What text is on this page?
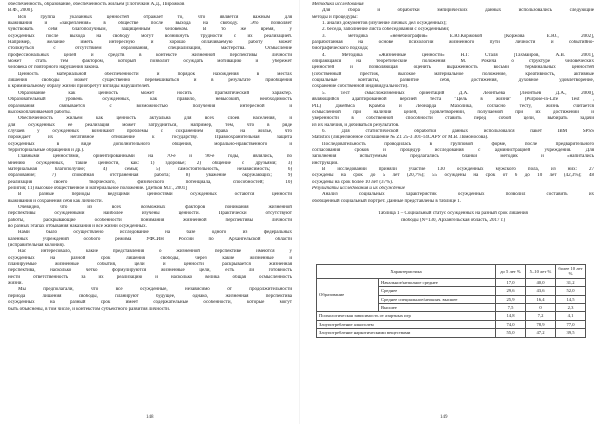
обеспеченность, образование, обеспеченность жильем [Глоточкин А.Д., Пирожков
В.Ф., 2000].
Вся группа указанных ценностей отражает то, что является важным для
выживания и «закрепления» в обществе после выхода на свободу. Это позволяет
чувствовать себя благополучным, защищенным человеком. В то же время, у
осужденных после выхода на свободу могут возникнуть трудности с их реализацией.
Например, желание иметь интересную и хорошо оплачиваемую работу может
столкнуться с отсутствием образования, специализации, мастерства. Осмысление
профессиональных целей и средств в контексте жизненной перспективы личности
может стать тем фактором, который позволит осуждать мотивацию и убережёт
человека от повторного нарушения закона.
Ценность материальной обеспеченности и порядок нахождения в местах
лишения свободы может существенно перевешиваться и в результате приобщения
к криминальному образу жизни приобретут взгляды нарушителей.
Образование как ценность может носить прагматический характер.
Образовательный уровень осужденных, как правило, невысокий, необходимость
образования связывается с возможностью получения интересной и
высокооплачиваемой работы.
Обеспеченность жильем как ценность актуальна для всех слоёв населения, и
для осужденных её реализация может затрудниться, например, тем, что в ряде
случаев у осужденных возникают проблемы с сохранением права на жильё, что
порождает их негативное отношение к государству. Правоохранительная защита
осужденных в виде дополнительного общения, морально-нравственного и
территориальные обращения и др.).
Главными ценностями, ориентированными на 70-е и 90-е годы, являлись, по
мнению осужденных, такие ценности, как: 1) здоровье; 2) общение с друзьями; 3)
материальная благополучие; 4) семья; 5) самостоятельность, независимость; 6)
образование; 7) спокойная отстраненная работа; 8) уважение окружающих; 9)
реализация своего творческого, физического потенциала, способностей; 10)
религия; 11) высокое общественное и материальное положение. [Детков М.Г., 2001]
В разные периоды ведущими ценностями осужденных остаются ценности
выживания и сохранения себя как личности.
Очевидно, что из всех возможных факторов понимания жизненной
перспективы осужденными наиболее изучены ценности. Практически отсутствуют
работы, раскрывающие особенности понимания жизненной перспективы личности
во разных этапах отбывания наказания и все жизни осужденных.
Нами было осуществлено исследование на базе одного из федеральных
казенных учреждений особого режима УФСИН России по Архангельской области
(исправительная колония).
Нас интересовало, какие представления о жизненной перспективе имеются у
осужденных на разной срок лишения свободы, через какие жизненные и
планируемые жизненные события, цели и ценности раскрывается жизненная
перспектива, насколько чётко формулируются жизненные цели, есть ли готовность
нести ответственность за их реализацию и насколько велика общая осмысленность
жизни.
Мы предполагали, что все осужденные, независимо от продолжительности
периода лишения свободы, планируют будущее, однако, жизненная перспектива
осужденных на разный срок имеет содержательные особенности, которые могут
быть объяснены, в том числе, и контекстом субъектного развития личности.
148
Методика исследования
Для сбора и обработки эмпирических данных использовались следующие
методы и процедуры:
1. анализ документов (изучение личных дел осужденных);
2. беседа, заполнение листа собеседования с осужденными;
3. методика «ненебиография» Е.Ю.Коржовой [Коржова Е.Ю., 2002],
разработанная на основе психологии жизненного пути личности и событийно-
биографического подхода;
4. Методика «Жизненные ценности» Н.Г. Сталя [Тахмаиров, А.В. 2001],
опирающаяся на теоретические положения М. Рокича о структуре человеческих
ценностей и позволяющая оценить выраженность восьми терминальных ценностей
(собственный престиж, высокое материальное положение, креативность, активные
социальные контакты, развитие себя, достижения, духовное удовлетворение,
сохранение собственной индивидуальности).
5. Тест смысложизненных ориентаций Д.А. Леонтьева [Леонтьев Д.А., 2000],
являющийся адаптированной версией теста "Цель в жизни" (Purpose-in-Life Test ,
PIL) Джеймса Крамба и Леонарда Махолика, согласно тесту, жизнь считается
осмысленной при наличии целей, удовлетворении, получаемой при их достижении и
уверенности в собственной способности ставить перед собой цели, выбирать задачи
из их наличия, и добиваться результатов.
6. Для статистической обработки данных использовался пакет IBM SPSS
Statistics (лицензионное соглашение № Z1 25-3 301-14CAРУ от М.В. Ломоносова).
Последовательность проводилась в групповой форме, после предварительного
согласования сроков и процедур исследования с администрацией учреждения. Для
заполнения испытуемым предлагались бланки методик и «напитались
инструкции.
В исследовании приняли участие 130 осужденных мужского пола, из них: 27
осуждены на срок до 5 лет (20,7%); 55 осуждены на срок от 6 до 10 лет (42,3%); 48
осуждены на срок более 10 лет (37%).
Результаты исследования и их обсуждение
Анализ социальных характеристик осужденных позволил составить их
обобщенный социальный портрет. Данные представлены в таблице 1.
Таблица 1 – Социальный статус осужденных на разный срок лишения
свободы (N=130, Архангельская область, 2017 г.)
Характеристика		до 5 лет %	5–10 лет %	более 10 лет %
Образование	Начальное/неполное среднее	17,0	40,0	31,2
	Среднее	29,6	43,6	52,0
	Среднее специальное/неоконч. высшее	25,9	16,4	14,5
	Высшее	7,5	0	2,3
Психологическая зависимость от азартных игр		14,8	7,2	4,1
Злоупотребление алкоголем		74,0	78,9	77,0
Злоупотребление наркотическими веществами		55,0	47,2	39,5
149
